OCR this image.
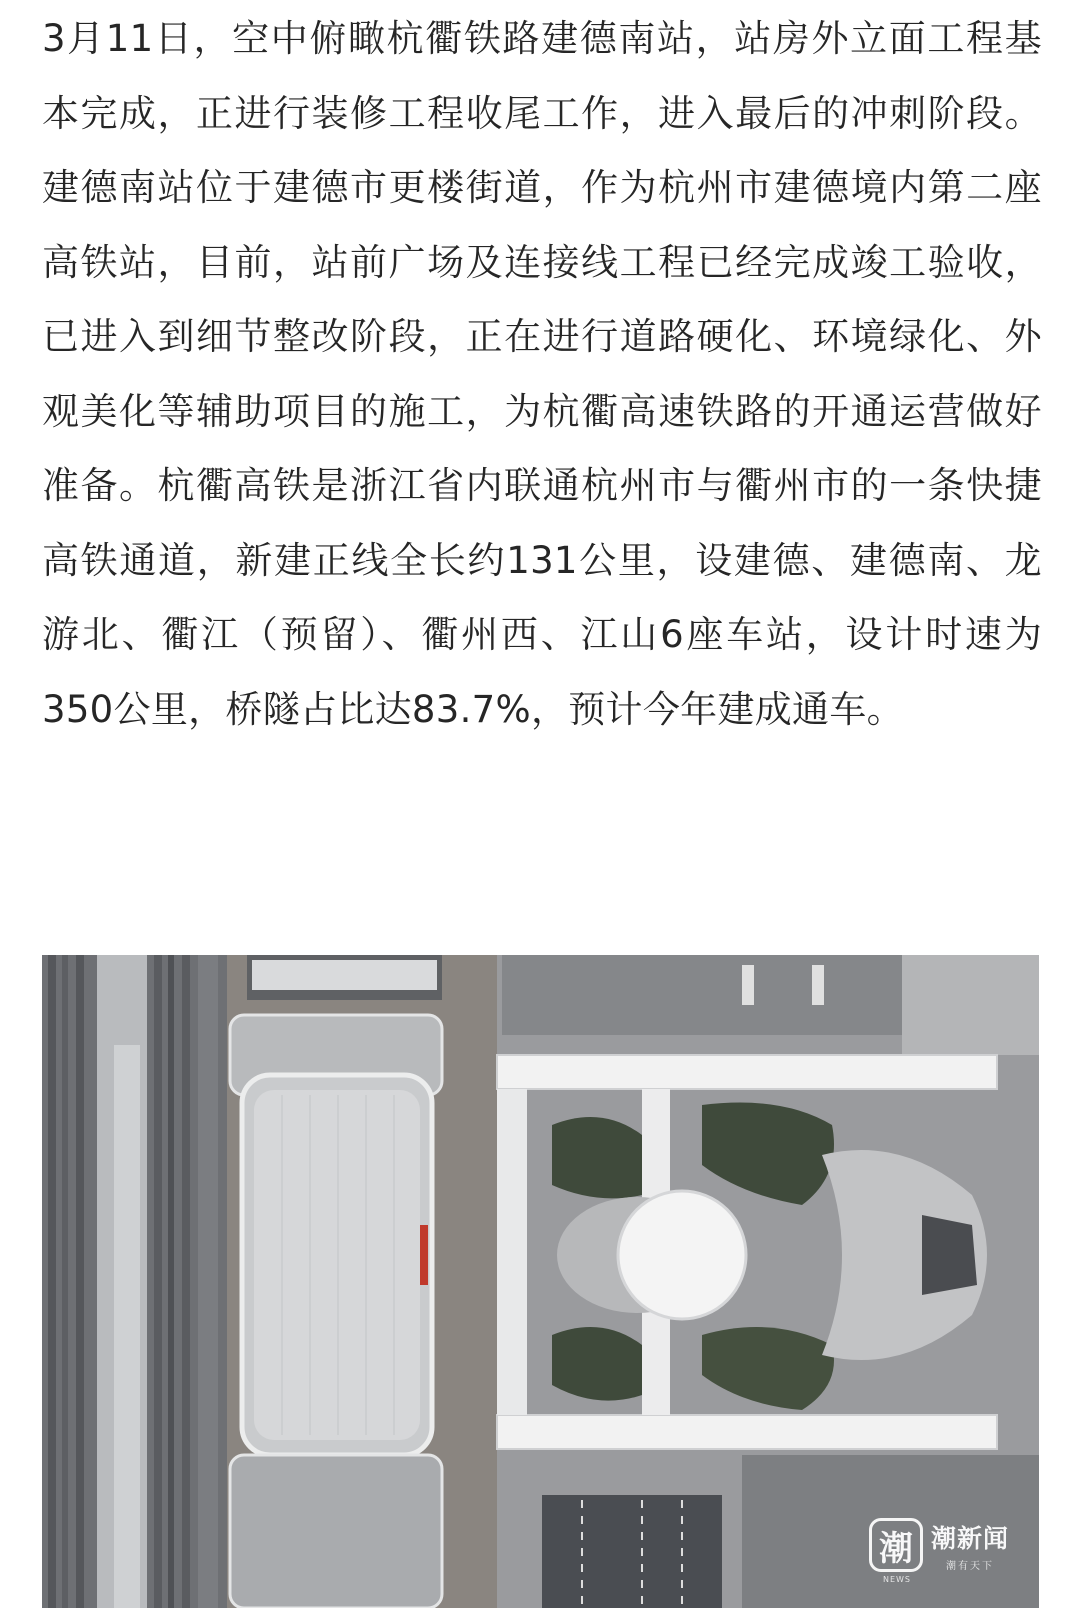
3月11日，空中俯瞰杭衢铁路建德南站，站房外立面工程基本完成，正进行装修工程收尾工作，进入最后的冲刺阶段。 建德南站位于建德市更楼街道，作为杭州市建德境内第二座高铁站，目前，站前广场及连接线工程已经完成竣工验收，已进入到细节整改阶段，正在进行道路硬化、环境绿化、外观美化等辅助项目的施工，为杭衢高速铁路的开通运营做好准备。杭衢高铁是浙江省内联通杭州市与衢州市的一条快捷高铁通道，新建正线全长约131公里，设建德、建德南、龙游北、衢江（预留）、衢州西、江山6座车站，设计时速为350公里，桥隧占比达83.7%，预计今年建成通车。
潮 潮新闻
潮有天下
NEWS
